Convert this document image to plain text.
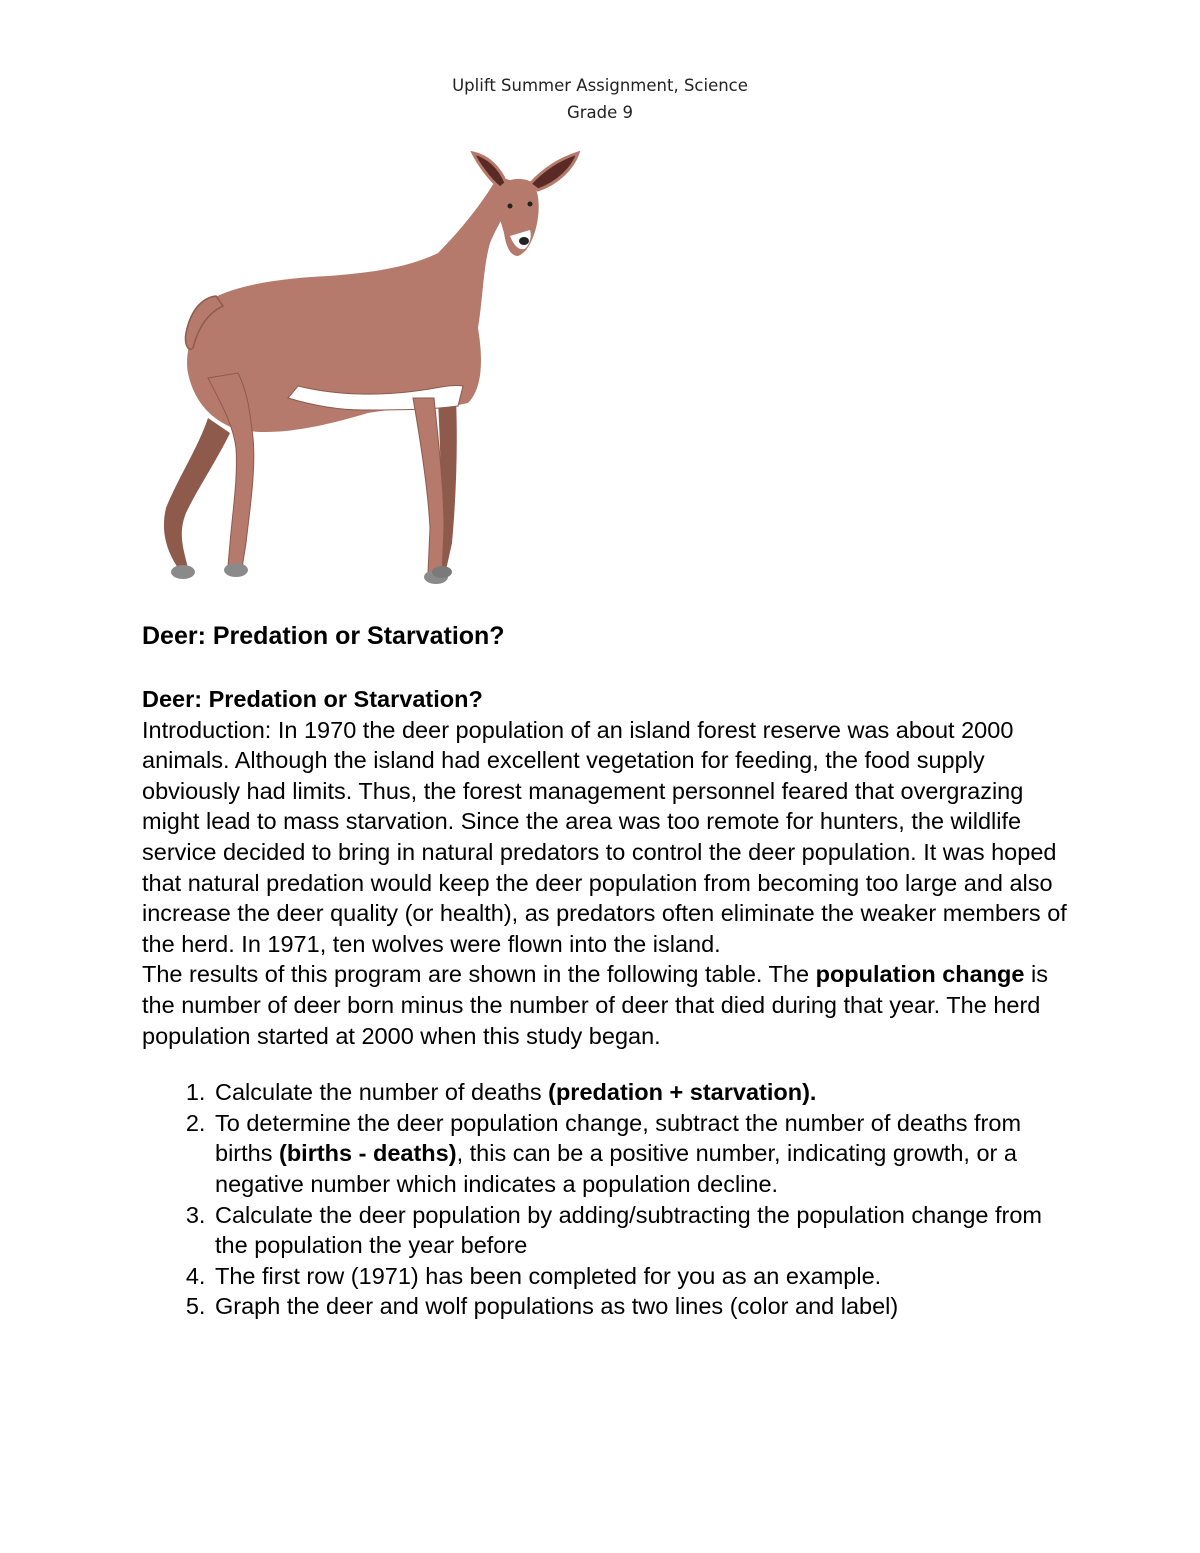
Uplift Summer Assignment, Science
Grade 9
Deer: Predation or Starvation?

Deer: Predation or Starvation?

Introduction: In 1970 the deer population of an island forest reserve was about 2000 animals. Although the island had excellent vegetation for feeding, the food supply obviously had limits. Thus, the forest management personnel feared that overgrazing might lead to mass starvation. Since the area was too remote for hunters, the wildlife service decided to bring in natural predators to control the deer population. It was hoped that natural predation would keep the deer population from becoming too large and also increase the deer quality (or health), as predators often eliminate the weaker members of the herd. In 1971, ten wolves were flown into the island.

The results of this program are shown in the following table. The population change is the number of deer born minus the number of deer that died during that year. The herd population started at 2000 when this study began.

1. Calculate the number of deaths (predation + starvation).
2. To determine the deer population change, subtract the number of deaths from births (births - deaths), this can be a positive number, indicating growth, or a negative number which indicates a population decline.
3. Calculate the deer population by adding/subtracting the population change from the population the year before
4. The first row (1971) has been completed for you as an example.
5. Graph the deer and wolf populations as two lines (color and label)
